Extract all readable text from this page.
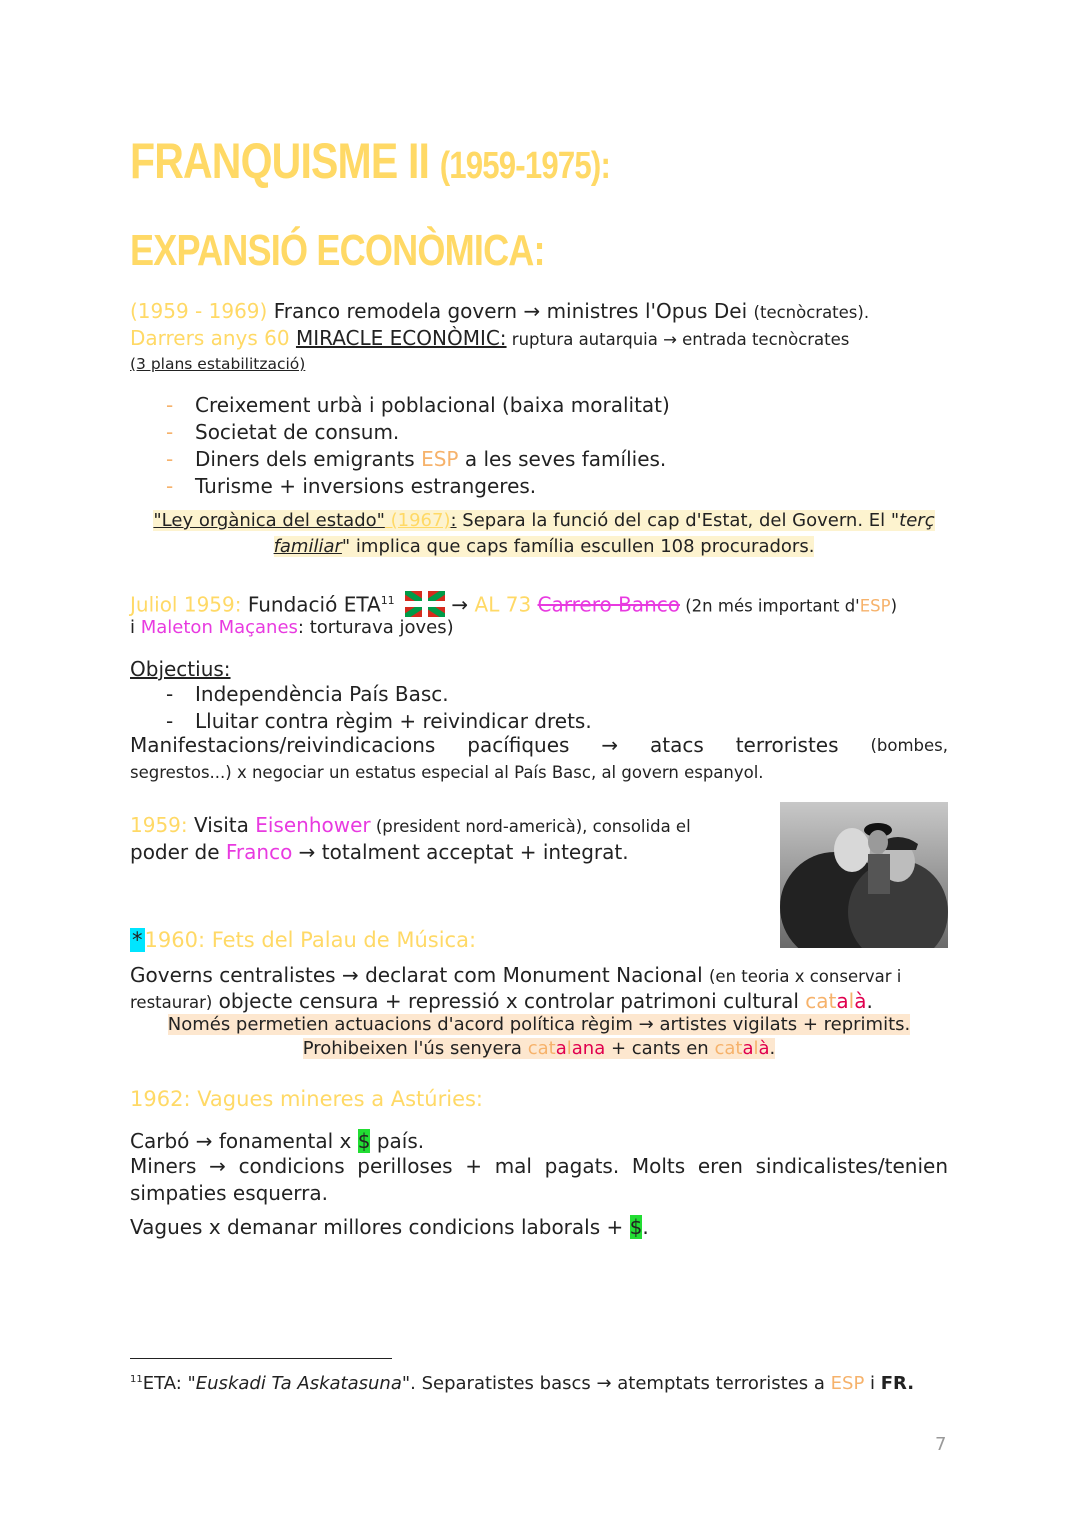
FRANQUISME II (1959-1975):
EXPANSIÓ ECONÒMICA:
(1959 - 1969) Franco remodela govern → ministres l'Opus Dei (tecnòcrates).
Darrers anys 60 MIRACLE ECONÒMIC: ruptura autarquia → entrada tecnòcrates
(3 plans estabilització)
- Creixement urbà i poblacional (baixa moralitat)
- Societat de consum.
- Diners dels emigrants ESP a les seves famílies.
- Turisme + inversions estrangeres.
"Ley orgànica del estado" (1967): Separa la funció del cap d'Estat, del Govern. El "terç
familiar" implica que caps família escullen 108 procuradors.
Juliol 1959: Fundació $ETA^{11}$	→ AL 73 Carrero Banco (2n més important d'ESP)
i Maleton Maçanes: torturava joves)
Objectius:
- Independència País Basc.
- Lluitar contra règim + reivindicar drets.
Manifestacions/reivindicacions pacífiques → atacs terroristes (bombes,
segrestos...) x negociar un estatus especial al País Basc, al govern espanyol.
1959: Visita Eisenhower (president nord-americà), consolida el
poder de Franco → totalment acceptat + integrat.
*1960: Fets del Palau de Música:
Governs centralistes → declarat com Monument Nacional (en teoria x conservar i
restaurar) objecte censura + repressió x controlar patrimoni cultural català.
Només permetien actuacions d'acord política règim → artistes vigilats + reprimits.
Prohibeixen l'ús senyera catalana + cants en català.
1962: Vagues mineres a Astúries:
Carbó → fonamental x $ país.
Miners → condicions perilloses + mal pagats. Molts eren sindicalistes/tenien
simpaties esquerra.
Vagues x demanar millores condicions laborals + $.
$^{11}$ETA: "Euskadi Ta Askatasuna". Separatistes bascs → atemptats terroristes a ESP i FR.
7
